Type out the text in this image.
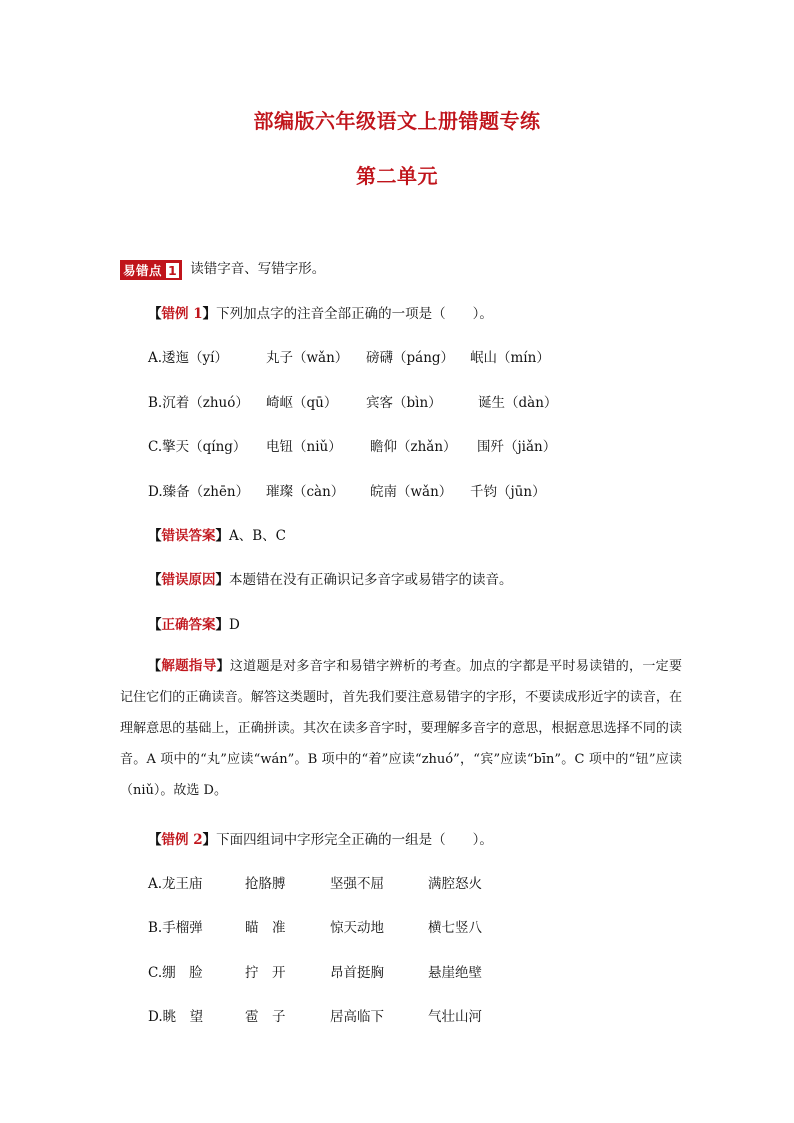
部编版六年级语文上册错题专练
第二单元
易错点 1 读错字音、写错字形。
【错例 1】下列加点字的注音全部正确的一项是（　　）。
A.逶迤（yí）	丸子（wǎn） 磅礴（páng） 岷山（mín）
B.沉着（zhuó） 崎岖（qū） 宾客（bìn）	诞生（dàn）
C.擎天（qíng） 电钮（niǔ） 瞻仰（zhǎn） 围歼（jiǎn）
D.臻备（zhēn） 璀璨（càn） 皖南（wǎn） 千钧（jūn）
【错误答案】A、B、C
【错误原因】本题错在没有正确识记多音字或易错字的读音。
【正确答案】D
【解题指导】这道题是对多音字和易错字辨析的考查。加点的字都是平时易读错的，一定要记住它们的正确读音。解答这类题时，首先我们要注意易错字的字形，不要读成形近字的读音，在理解意思的基础上，正确拼读。其次在读多音字时，要理解多音字的意思，根据意思选择不同的读音。A 项中的“丸”应读“wán”。B 项中的“着”应读“zhuó”，“宾”应读“bīn”。C 项中的“钮”应读（niǔ）。故选 D。
【错例 2】下面四组词中字形完全正确的一组是（　　）。
A.龙王庙	抢胳膊	坚强不屈	满腔怒火
B.手榴弹	瞄　准	惊天动地	横七竖八
C.绷　脸	拧　开	昂首挺胸	悬崖绝壁
D.眺　望	雹　子	居高临下	气壮山河
